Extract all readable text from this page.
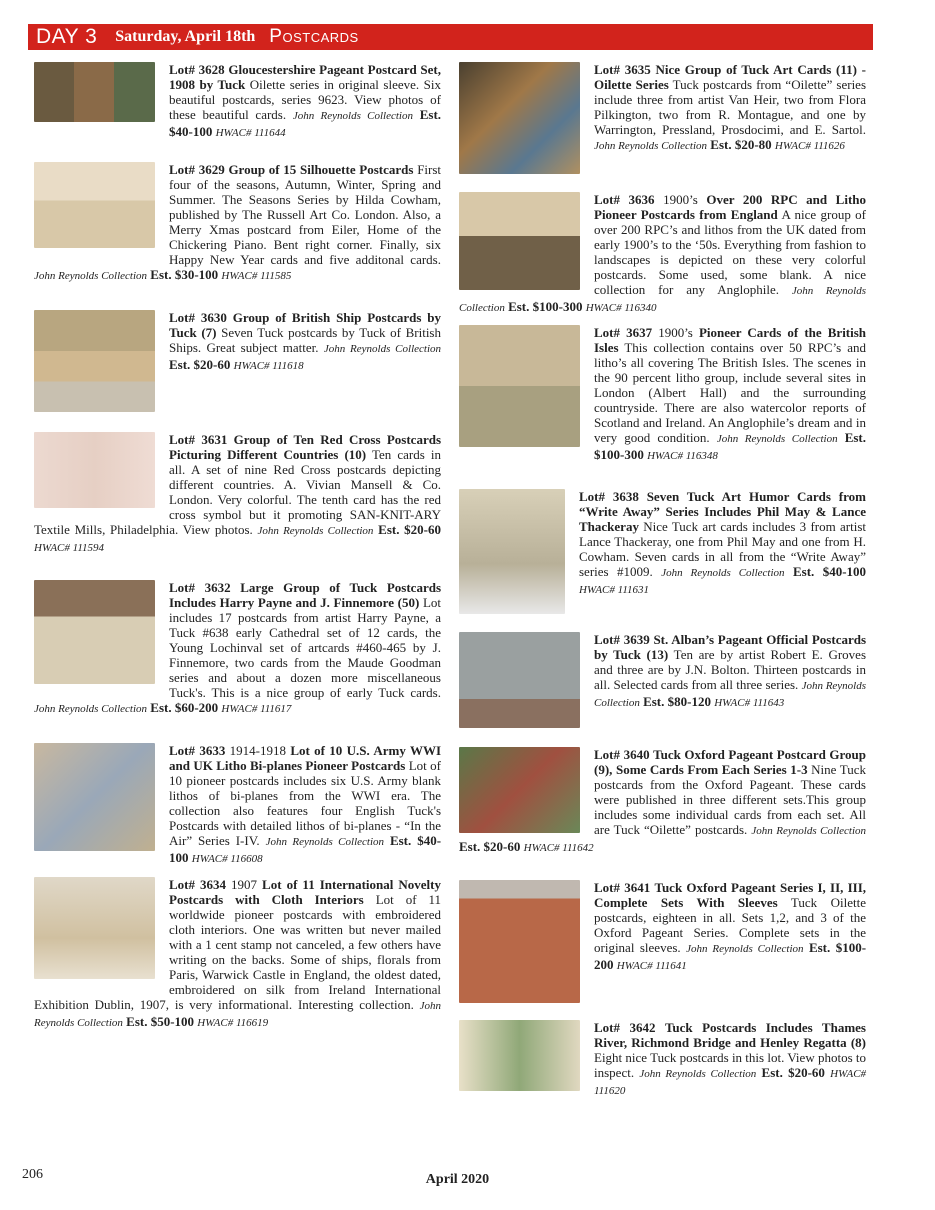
DAY 3 Saturday, April 18th Postcards
Lot# 3628 Gloucestershire Pageant Postcard Set, 1908 by Tuck Oilette series in original sleeve. Six beautiful postcards, series 9623. View photos of these beautiful cards. John Reynolds Collection Est. $40-100 HWAC# 111644
Lot# 3629 Group of 15 Silhouette Postcards First four of the seasons, Autumn, Winter, Spring and Summer. The Seasons Series by Hilda Cowham, published by The Russell Art Co. London. Also, a Merry Xmas postcard from Eiler, Home of the Chickering Piano. Bent right corner. Finally, six Happy New Year cards and five additonal cards. John Reynolds Collection Est. $30-100 HWAC# 111585
Lot# 3630 Group of British Ship Postcards by Tuck (7) Seven Tuck postcards by Tuck of British Ships. Great subject matter. John Reynolds Collection Est. $20-60 HWAC# 111618
Lot# 3631 Group of Ten Red Cross Postcards Picturing Different Countries (10) Ten cards in all. A set of nine Red Cross postcards depicting different countries. A. Vivian Mansell & Co. London. Very colorful. The tenth card has the red cross symbol but it promoting SAN-KNIT-ARY Textile Mills, Philadelphia. View photos. John Reynolds Collection Est. $20-60 HWAC# 111594
Lot# 3632 Large Group of Tuck Postcards Includes Harry Payne and J. Finnemore (50) Lot includes 17 postcards from artist Harry Payne, a Tuck #638 early Cathedral set of 12 cards, the Young Lochinval set of artcards #460-465 by J. Finnemore, two cards from the Maude Goodman series and about a dozen more miscellaneous Tuck's. This is a nice group of early Tuck cards. John Reynolds Collection Est. $60-200 HWAC# 111617
Lot# 3633 1914-1918 Lot of 10 U.S. Army WWI and UK Litho Bi-planes Pioneer Postcards Lot of 10 pioneer postcards includes six U.S. Army blank lithos of bi-planes from the WWI era. The collection also features four English Tuck's Postcards with detailed lithos of bi-planes - “In the Air” Series I-IV. John Reynolds Collection Est. $40-100 HWAC# 116608
Lot# 3634 1907 Lot of 11 International Novelty Postcards with Cloth Interiors Lot of 11 worldwide pioneer postcards with embroidered cloth interiors. One was written but never mailed with a 1 cent stamp not canceled, a few others have writing on the backs. Some of ships, florals from Paris, Warwick Castle in England, the oldest dated, embroidered on silk from Ireland International Exhibition Dublin, 1907, is very informational. Interesting collection. John Reynolds Collection Est. $50-100 HWAC# 116619
Lot# 3635 Nice Group of Tuck Art Cards (11) - Oilette Series Tuck postcards from “Oilette” series include three from artist Van Heir, two from Flora Pilkington, two from R. Montague, and one by Warrington, Pressland, Prosdocimi, and E. Sartol. John Reynolds Collection Est. $20-80 HWAC# 111626
Lot# 3636 1900’s Over 200 RPC and Litho Pioneer Postcards from England A nice group of over 200 RPC’s and lithos from the UK dated from early 1900’s to the ‘50s. Everything from fashion to landscapes is depicted on these very colorful postcards. Some used, some blank. A nice collection for any Anglophile. John Reynolds Collection Est. $100-300 HWAC# 116340
Lot# 3637 1900’s Pioneer Cards of the British Isles This collection contains over 50 RPC’s and litho’s all covering The British Isles. The scenes in the 90 percent litho group, include several sites in London (Albert Hall) and the surrounding countryside. There are also watercolor reports of Scotland and Ireland. An Anglophile’s dream and in very good condition. John Reynolds Collection Est. $100-300 HWAC# 116348
Lot# 3638 Seven Tuck Art Humor Cards from “Write Away” Series Includes Phil May & Lance Thackeray Nice Tuck art cards includes 3 from artist Lance Thackeray, one from Phil May and one from H. Cowham. Seven cards in all from the “Write Away” series #1009. John Reynolds Collection Est. $40-100 HWAC# 111631
Lot# 3639 St. Alban’s Pageant Official Postcards by Tuck (13) Ten are by artist Robert E. Groves and three are by J.N. Bolton. Thirteen postcards in all. Selected cards from all three series. John Reynolds Collection Est. $80-120 HWAC# 111643
Lot# 3640 Tuck Oxford Pageant Postcard Group (9), Some Cards From Each Series 1-3 Nine Tuck postcards from the Oxford Pageant. These cards were published in three different sets.This group includes some individual cards from each set. All are Tuck “Oilette” postcards. John Reynolds Collection Est. $20-60 HWAC# 111642
Lot# 3641 Tuck Oxford Pageant Series I, II, III, Complete Sets With Sleeves Tuck Oilette postcards, eighteen in all. Sets 1,2, and 3 of the Oxford Pageant Series. Complete sets in the original sleeves. John Reynolds Collection Est. $100-200 HWAC# 111641
Lot# 3642 Tuck Postcards Includes Thames River, Richmond Bridge and Henley Regatta (8) Eight nice Tuck postcards in this lot. View photos to inspect. John Reynolds Collection Est. $20-60 HWAC# 111620
206	April 2020
